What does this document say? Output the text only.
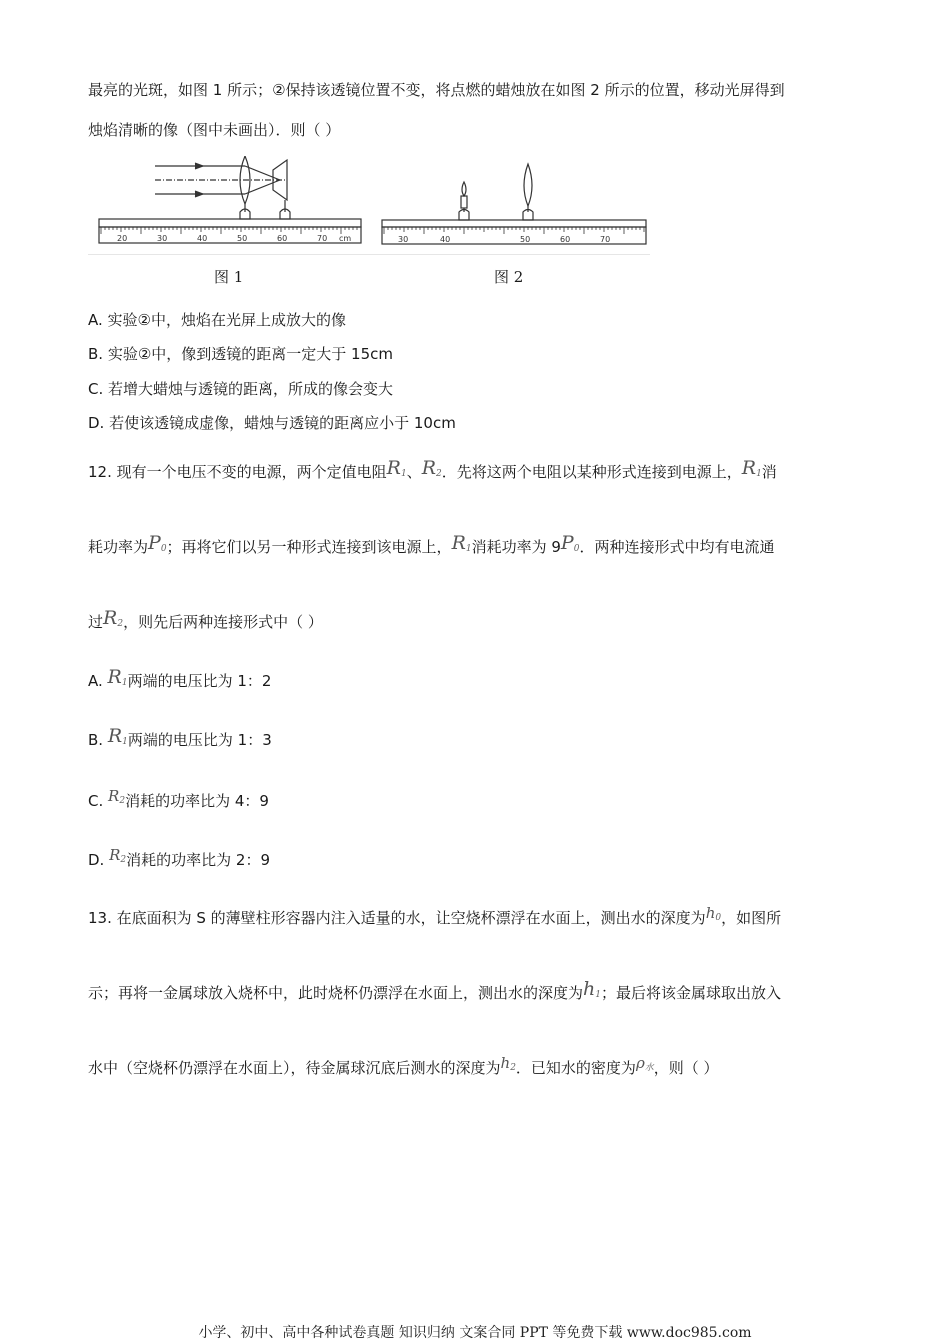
最亮的光斑，如图 1 所示；②保持该透镜位置不变，将点燃的蜡烛放在如图 2 所示的位置，移动光屏得到
烛焰清晰的像（图中未画出）．则（ ）
20	30	40	50	60	70 cm	30	40	50	60	70
图 1	图 2
A. 实验②中，烛焰在光屏上成放大的像
B. 实验②中，像到透镜的距离一定大于 15cm
C. 若增大蜡烛与透镜的距离，所成的像会变大
D. 若使该透镜成虚像，蜡烛与透镜的距离应小于 10cm
12. 现有一个电压不变的电源，两个定值电阻$R_1$、$R_2$．先将这两个电阻以某种形式连接到电源上，$R_1$消
耗功率为$P_0$；再将它们以另一种形式连接到该电源上，$R_1$消耗功率为 $9P_0$．两种连接形式中均有电流通
过$R_2$，则先后两种连接形式中（ ）
A. $R_1$两端的电压比为 1：2
B. $R_1$两端的电压比为 1：3
C. $R_2$消耗的功率比为 4：9
D. $R_2$消耗的功率比为 2：9
13. 在底面积为 S 的薄壁柱形容器内注入适量的水，让空烧杯漂浮在水面上，测出水的深度为$h_0$，如图所
示；再将一金属球放入烧杯中，此时烧杯仍漂浮在水面上，测出水的深度为$h_1$；最后将该金属球取出放入
水中（空烧杯仍漂浮在水面上），待金属球沉底后测水的深度为$h_2$．已知水的密度为$\rho_水$，则（ ）
小学、初中、高中各种试卷真题 知识归纳 文案合同 PPT 等免费下载 www.doc985.com
